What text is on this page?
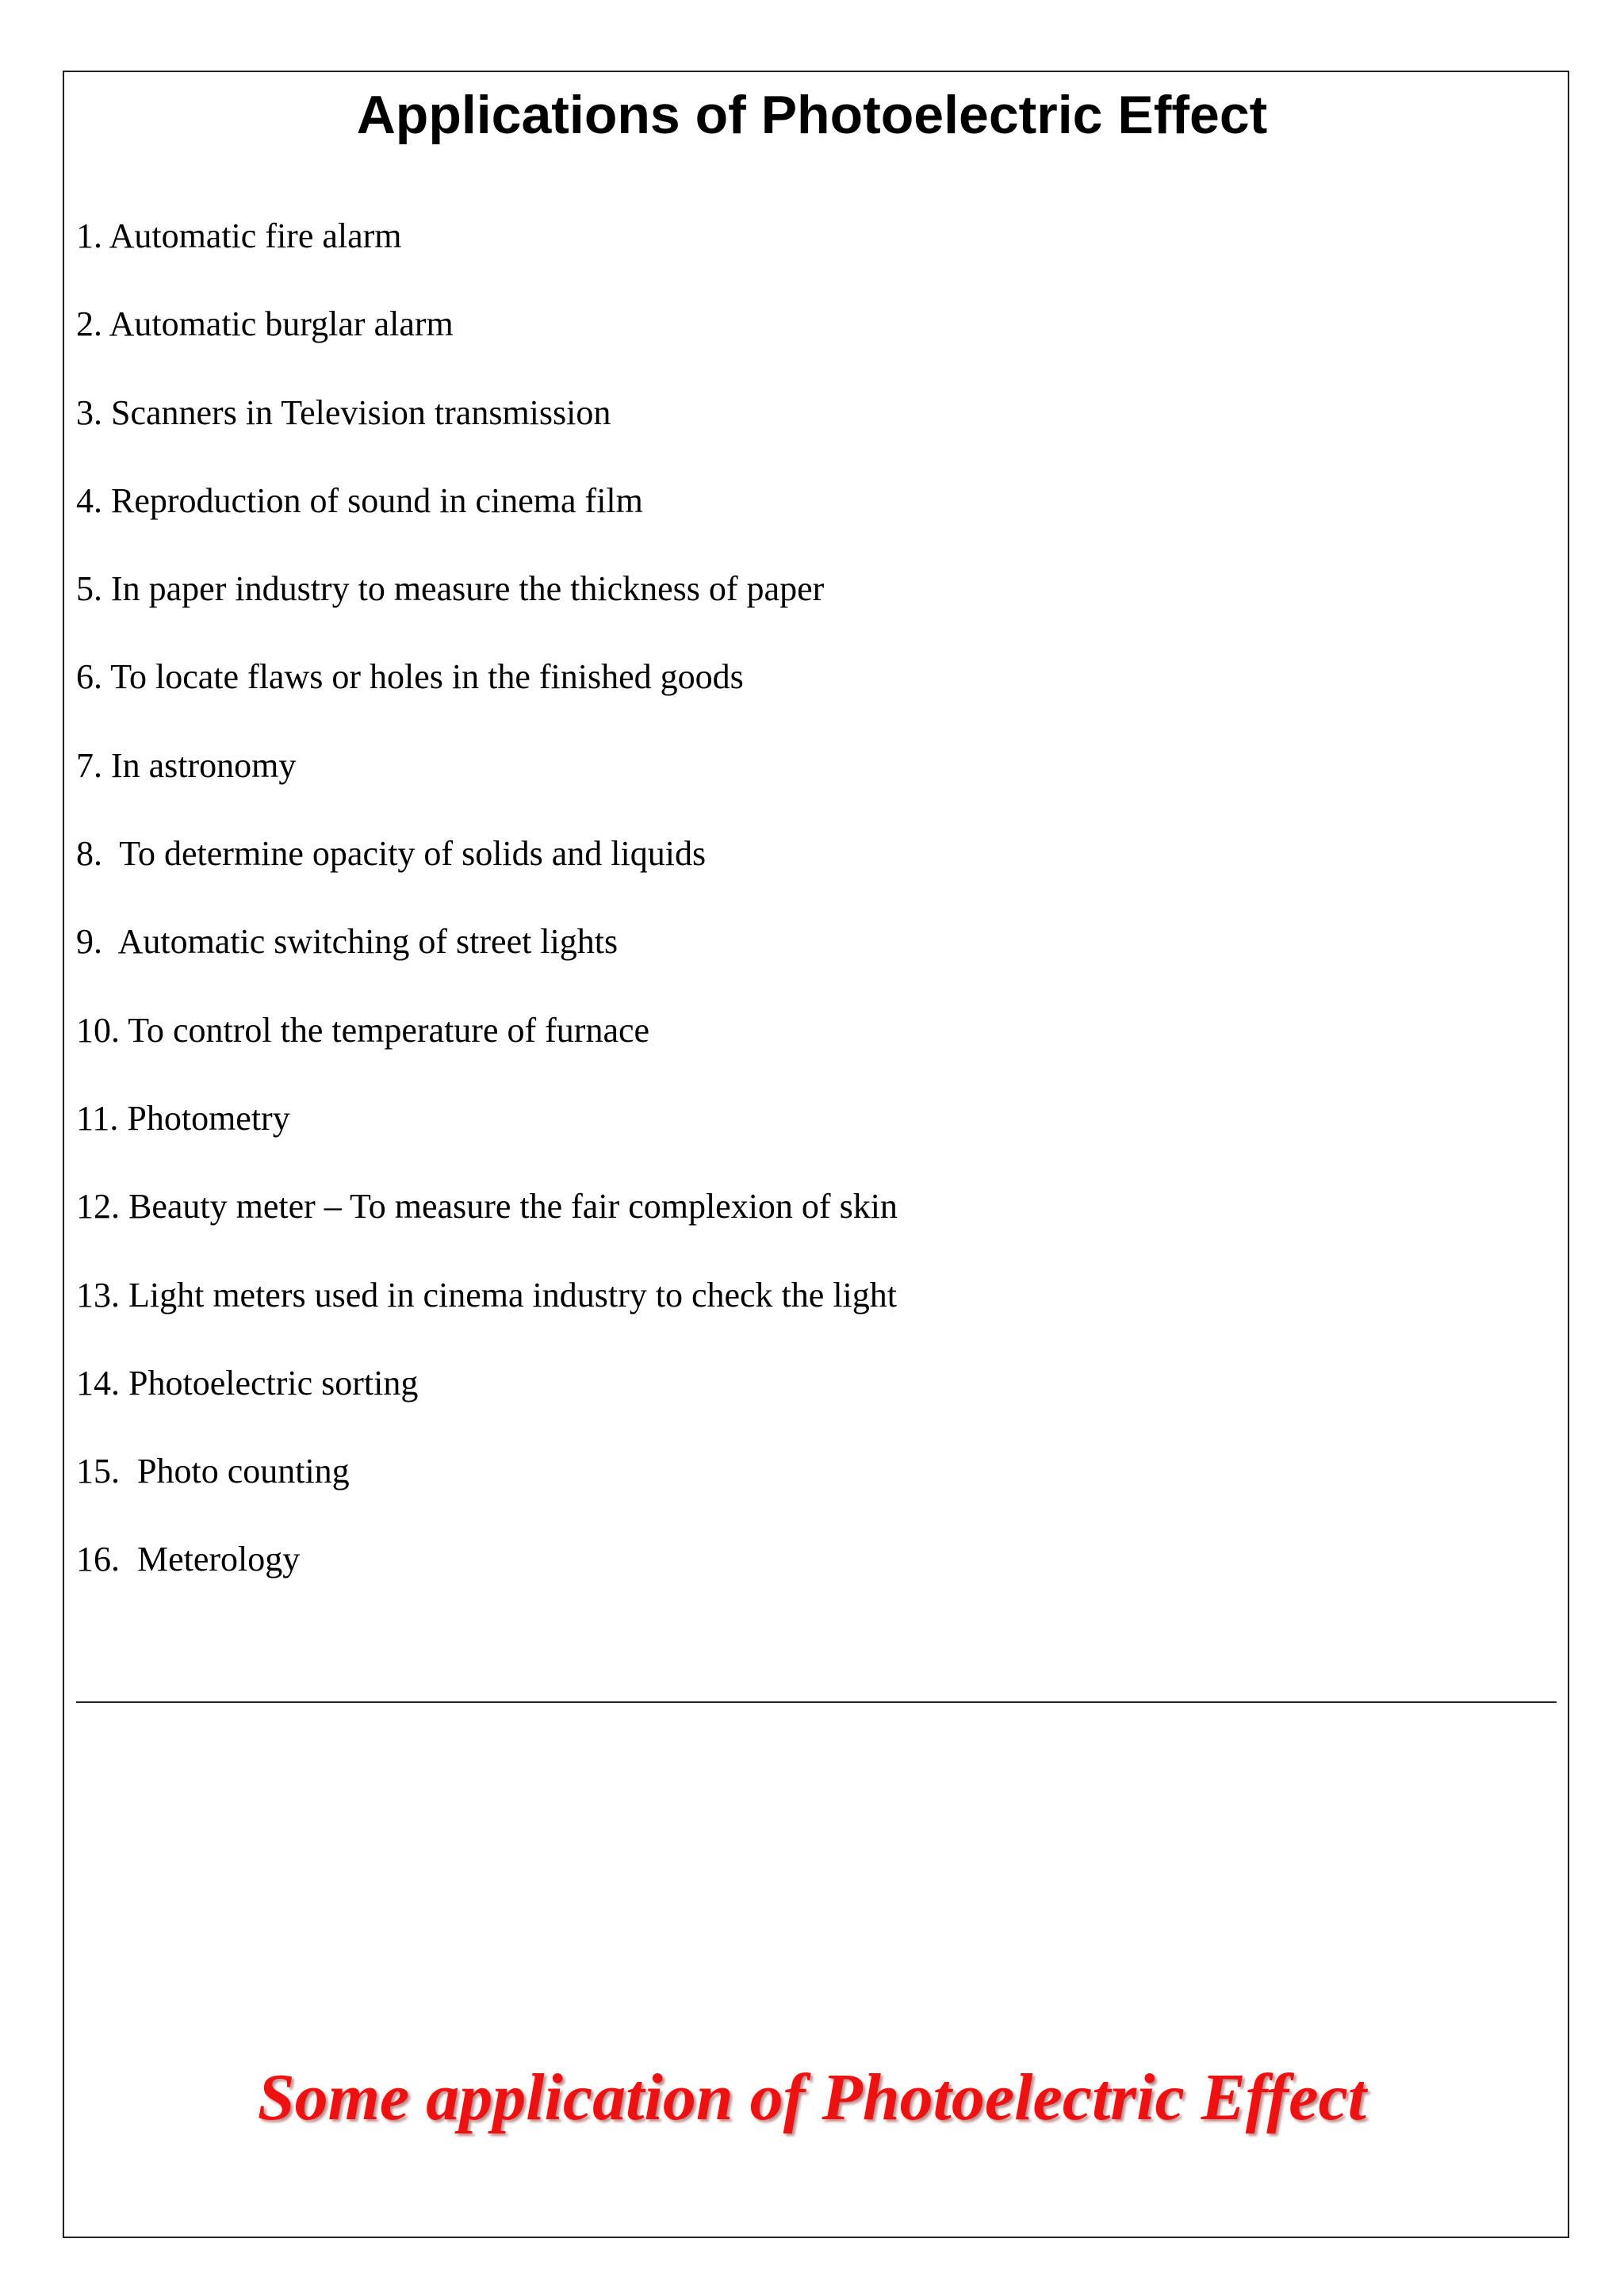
Applications of Photoelectric Effect
1. Automatic fire alarm
2. Automatic burglar alarm
3. Scanners in Television transmission
4. Reproduction of sound in cinema film
5. In paper industry to measure the thickness of paper
6. To locate flaws or holes in the finished goods
7. In astronomy
8.  To determine opacity of solids and liquids
9.  Automatic switching of street lights
10. To control the temperature of furnace
11. Photometry
12. Beauty meter – To measure the fair complexion of skin
13. Light meters used in cinema industry to check the light
14. Photoelectric sorting
15.  Photo counting
16.  Meterology

Some application of Photoelectric Effect
